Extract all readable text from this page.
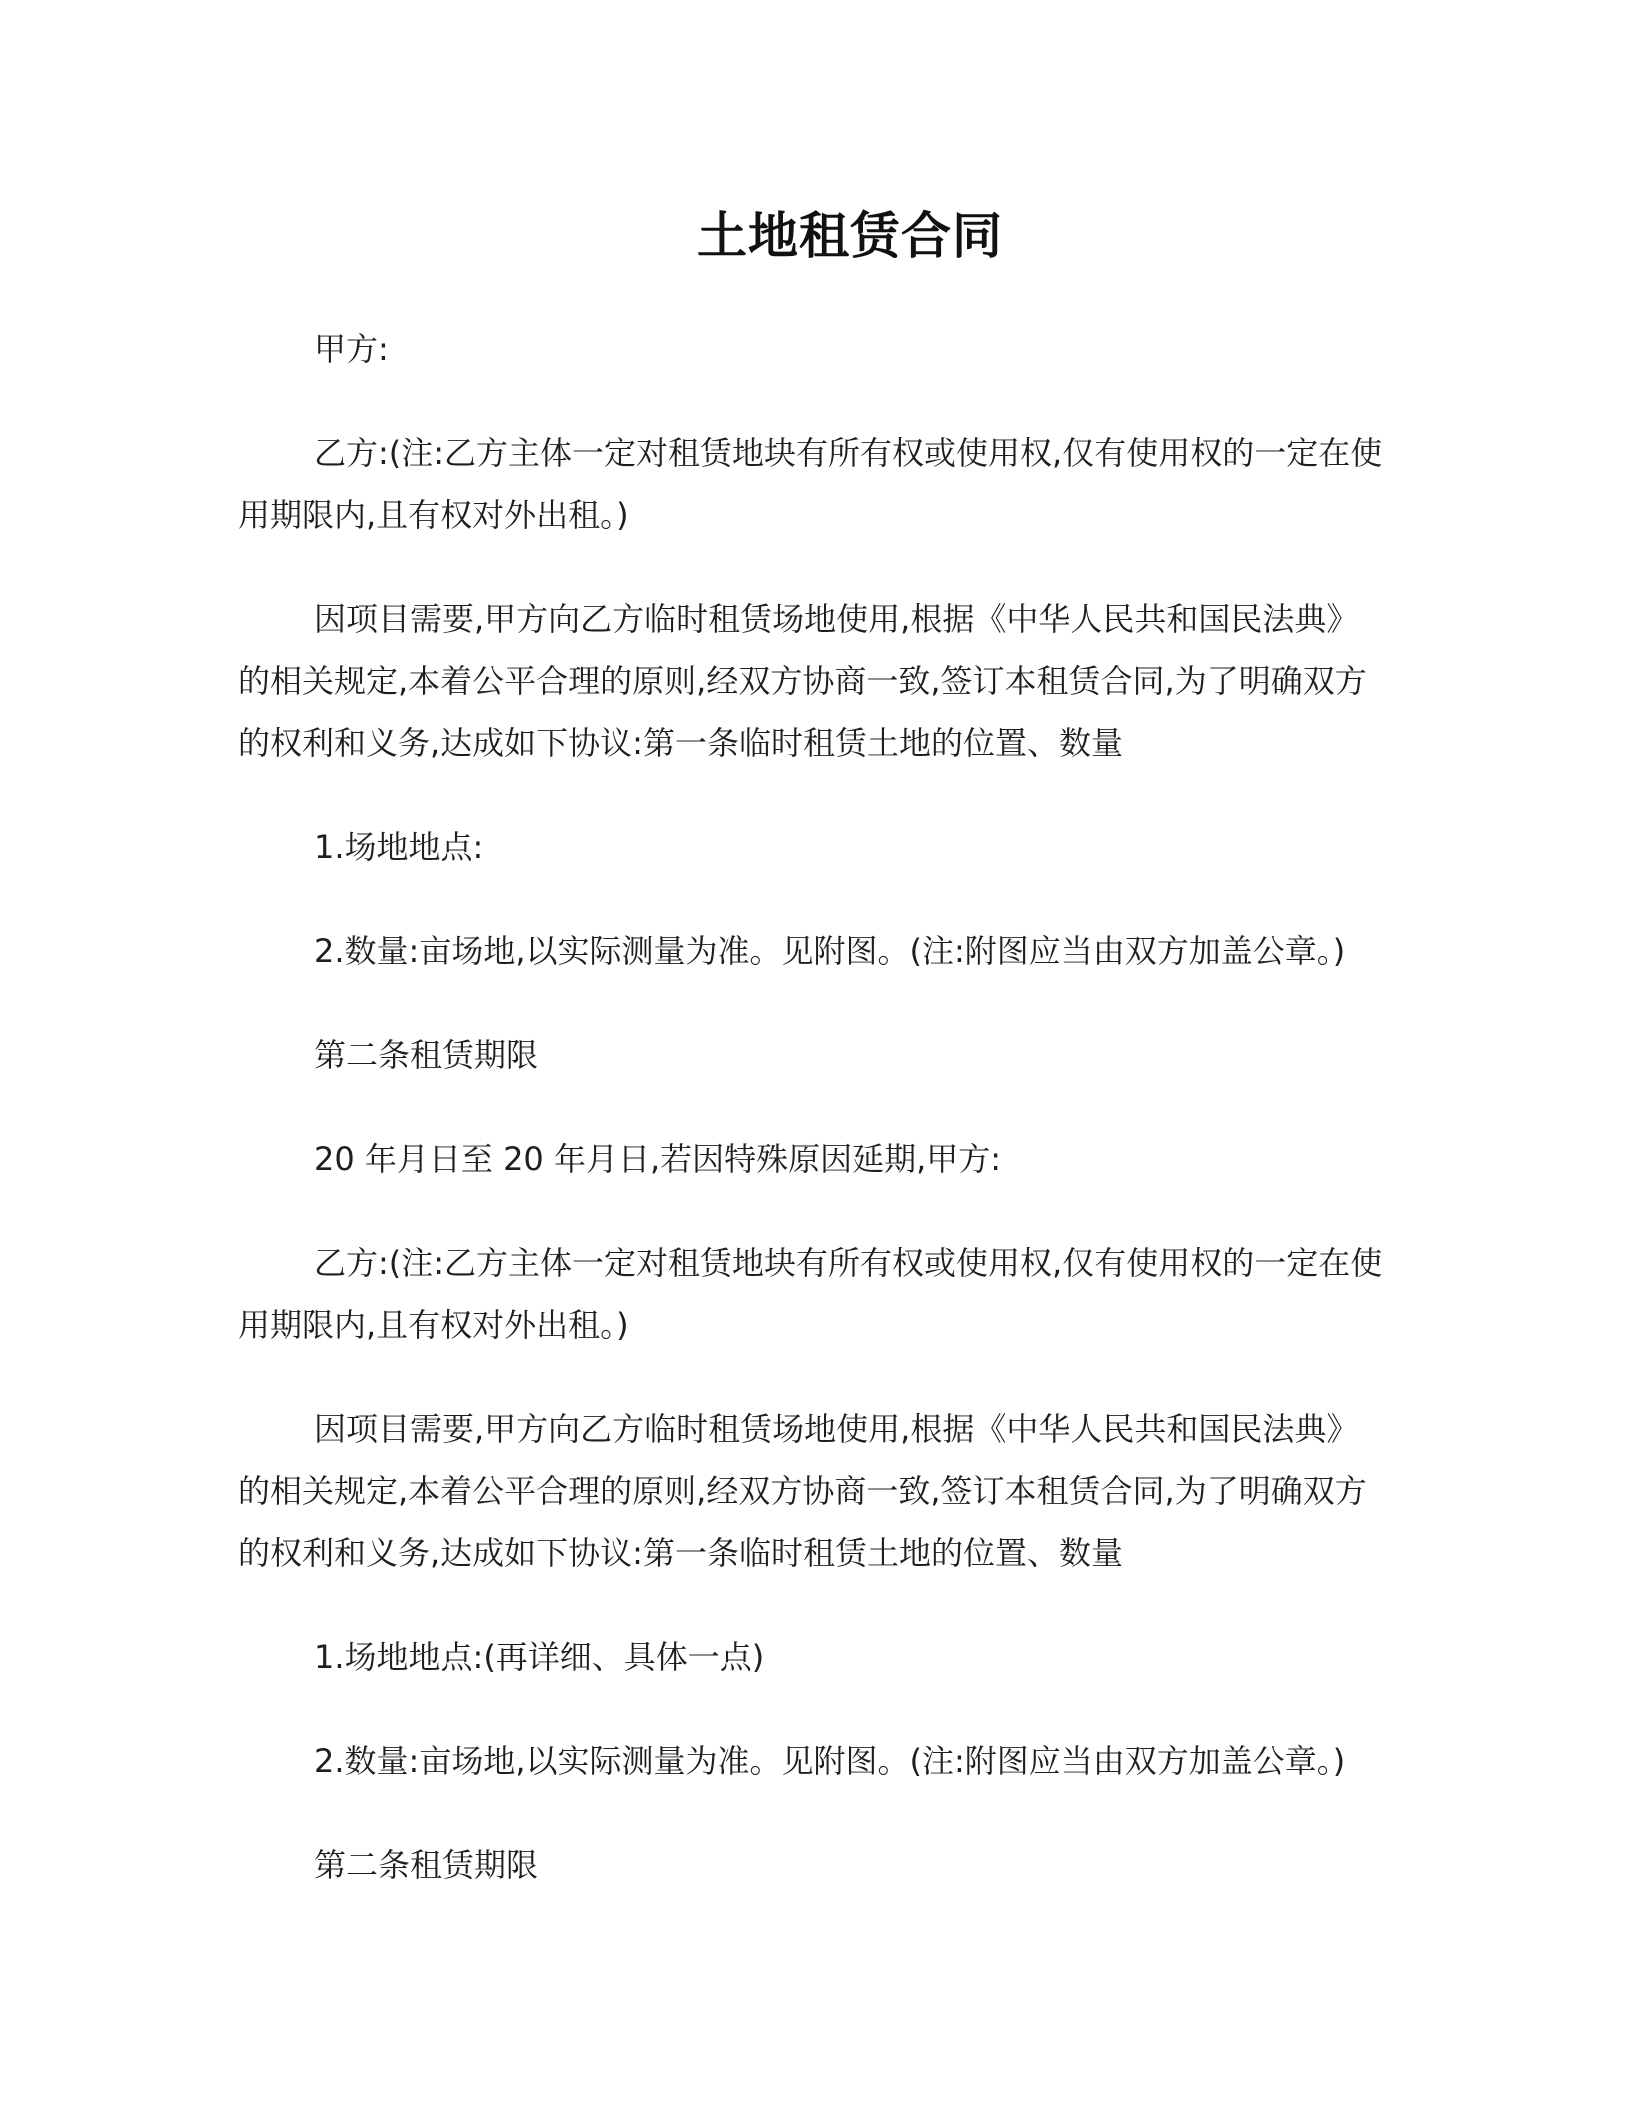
土地租赁合同

甲方:

乙方:(注:乙方主体一定对租赁地块有所有权或使用权,仅有使用权的一定在使用期限内,且有权对外出租。)

因项目需要,甲方向乙方临时租赁场地使用,根据《中华人民共和国民法典》的相关规定,本着公平合理的原则,经双方协商一致,签订本租赁合同,为了明确双方的权利和义务,达成如下协议:第一条临时租赁土地的位置、数量

1.场地地点:

2.数量:亩场地,以实际测量为准。见附图。(注:附图应当由双方加盖公章。)

第二条租赁期限

20 年月日至 20 年月日,若因特殊原因延期,甲方:

乙方:(注:乙方主体一定对租赁地块有所有权或使用权,仅有使用权的一定在使用期限内,且有权对外出租。)

因项目需要,甲方向乙方临时租赁场地使用,根据《中华人民共和国民法典》的相关规定,本着公平合理的原则,经双方协商一致,签订本租赁合同,为了明确双方的权利和义务,达成如下协议:第一条临时租赁土地的位置、数量

1.场地地点:(再详细、具体一点)

2.数量:亩场地,以实际测量为准。见附图。(注:附图应当由双方加盖公章。)

第二条租赁期限
